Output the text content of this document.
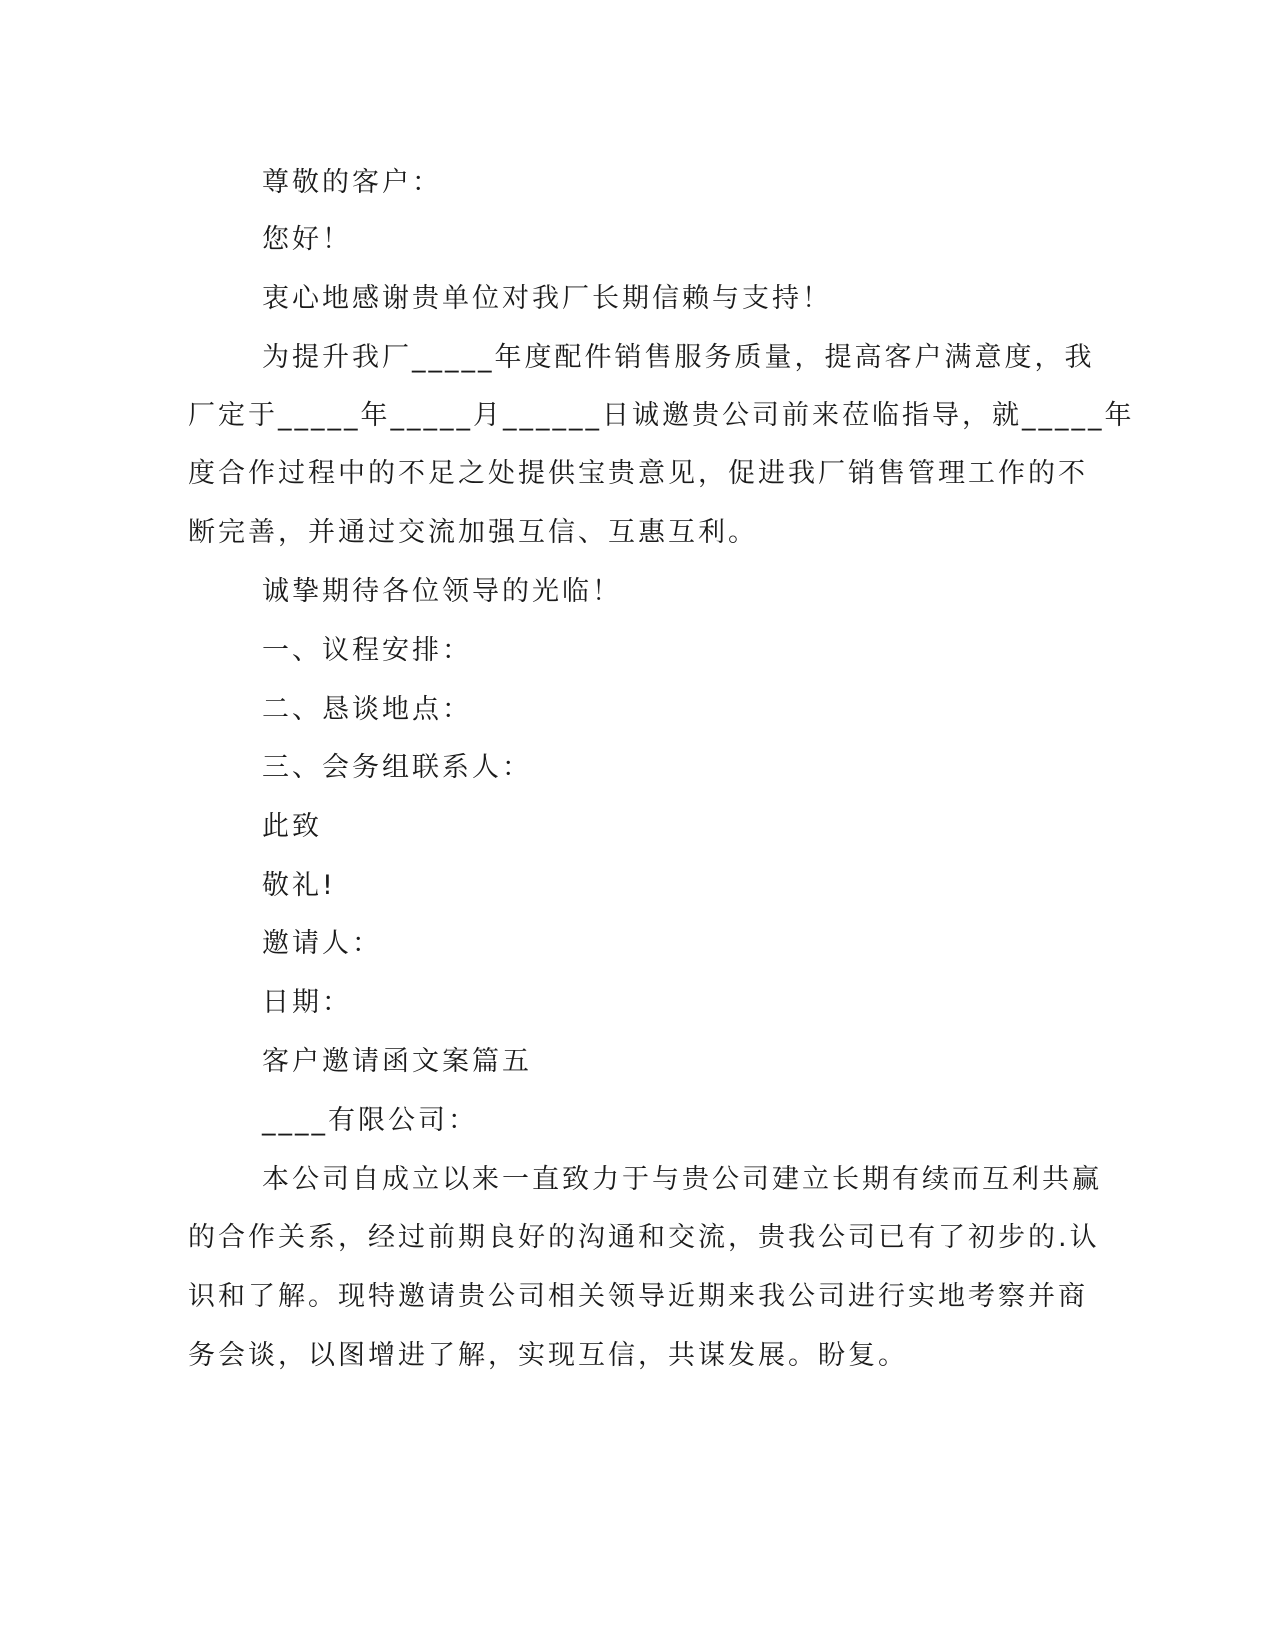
尊敬的客户：
您好！
衷心地感谢贵单位对我厂长期信赖与支持！
为提升我厂_____年度配件销售服务质量，提高客户满意度，我
厂定于_____年_____月______日诚邀贵公司前来莅临指导，就_____年
度合作过程中的不足之处提供宝贵意见，促进我厂销售管理工作的不
断完善，并通过交流加强互信、互惠互利。
诚挚期待各位领导的光临！
一、议程安排：
二、恳谈地点：
三、会务组联系人：
此致
敬礼!
邀请人：
日期：
客户邀请函文案篇五
____有限公司：
本公司自成立以来一直致力于与贵公司建立长期有续而互利共赢
的合作关系，经过前期良好的沟通和交流，贵我公司已有了初步的.认
识和了解。现特邀请贵公司相关领导近期来我公司进行实地考察并商
务会谈，以图增进了解，实现互信，共谋发展。盼复。
